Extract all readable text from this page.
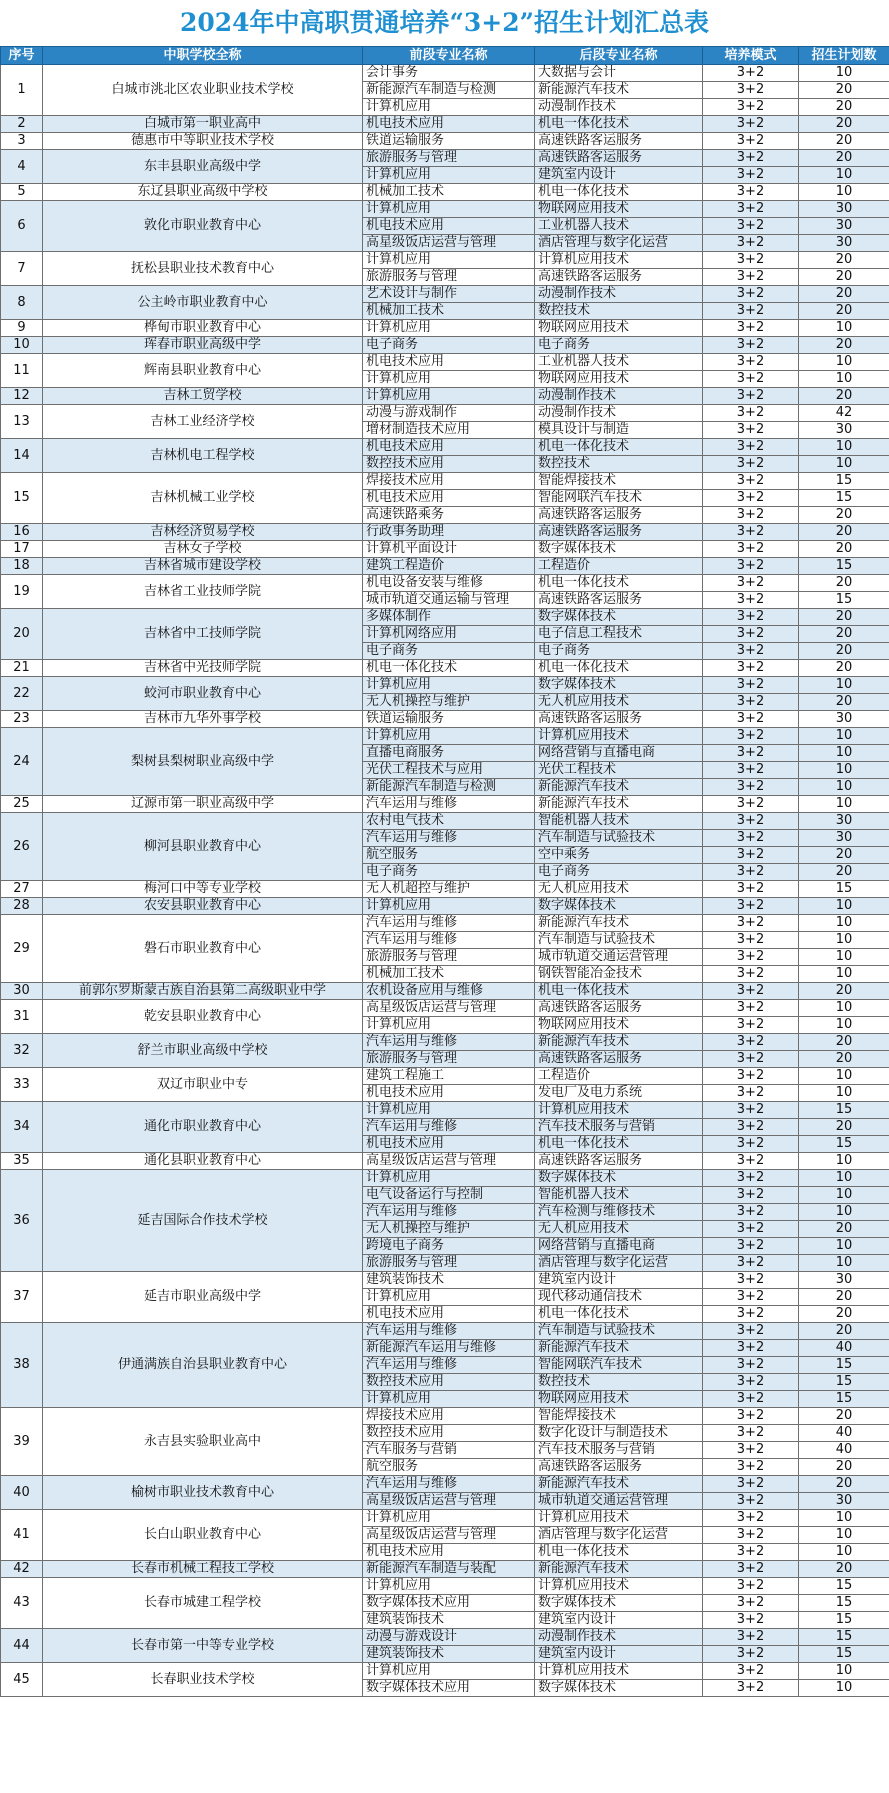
2024年中高职贯通培养“3+2”招生计划汇总表
序号	中职学校全称	前段专业名称	后段专业名称	培养模式	招生计划数
1	白城市洮北区农业职业技术学校	会计事务	大数据与会计	3+2	10
		新能源汽车制造与检测	新能源汽车技术	3+2	20
		计算机应用	动漫制作技术	3+2	20
2	白城市第一职业高中	机电技术应用	机电一体化技术	3+2	20
3	德惠市中等职业技术学校	铁道运输服务	高速铁路客运服务	3+2	20
4	东丰县职业高级中学	旅游服务与管理	高速铁路客运服务	3+2	20
		计算机应用	建筑室内设计	3+2	10
5	东辽县职业高级中学校	机械加工技术	机电一体化技术	3+2	10
6	敦化市职业教育中心	计算机应用	物联网应用技术	3+2	30
		机电技术应用	工业机器人技术	3+2	30
		高星级饭店运营与管理	酒店管理与数字化运营	3+2	30
7	抚松县职业技术教育中心	计算机应用	计算机应用技术	3+2	20
		旅游服务与管理	高速铁路客运服务	3+2	20
8	公主岭市职业教育中心	艺术设计与制作	动漫制作技术	3+2	20
		机械加工技术	数控技术	3+2	20
9	桦甸市职业教育中心	计算机应用	物联网应用技术	3+2	10
10	珲春市职业高级中学	电子商务	电子商务	3+2	20
11	辉南县职业教育中心	机电技术应用	工业机器人技术	3+2	10
		计算机应用	物联网应用技术	3+2	10
12	吉林工贸学校	计算机应用	动漫制作技术	3+2	20
13	吉林工业经济学校	动漫与游戏制作	动漫制作技术	3+2	42
		增材制造技术应用	模具设计与制造	3+2	30
14	吉林机电工程学校	机电技术应用	机电一体化技术	3+2	10
		数控技术应用	数控技术	3+2	10
15	吉林机械工业学校	焊接技术应用	智能焊接技术	3+2	15
		机电技术应用	智能网联汽车技术	3+2	15
		高速铁路乘务	高速铁路客运服务	3+2	20
16	吉林经济贸易学校	行政事务助理	高速铁路客运服务	3+2	20
17	吉林女子学校	计算机平面设计	数字媒体技术	3+2	20
18	吉林省城市建设学校	建筑工程造价	工程造价	3+2	15
19	吉林省工业技师学院	机电设备安装与维修	机电一体化技术	3+2	20
		城市轨道交通运输与管理	高速铁路客运服务	3+2	15
20	吉林省中工技师学院	多媒体制作	数字媒体技术	3+2	20
		计算机网络应用	电子信息工程技术	3+2	20
		电子商务	电子商务	3+2	20
21	吉林省中光技师学院	机电一体化技术	机电一体化技术	3+2	20
22	蛟河市职业教育中心	计算机应用	数字媒体技术	3+2	10
		无人机操控与维护	无人机应用技术	3+2	20
23	吉林市九华外事学校	铁道运输服务	高速铁路客运服务	3+2	30
24	梨树县梨树职业高级中学	计算机应用	计算机应用技术	3+2	10
		直播电商服务	网络营销与直播电商	3+2	10
		光伏工程技术与应用	光伏工程技术	3+2	10
		新能源汽车制造与检测	新能源汽车技术	3+2	10
25	辽源市第一职业高级中学	汽车运用与维修	新能源汽车技术	3+2	10
26	柳河县职业教育中心	农村电气技术	智能机器人技术	3+2	30
		汽车运用与维修	汽车制造与试验技术	3+2	30
		航空服务	空中乘务	3+2	20
		电子商务	电子商务	3+2	20
27	梅河口中等专业学校	无人机超控与维护	无人机应用技术	3+2	15
28	农安县职业教育中心	计算机应用	数字媒体技术	3+2	10
29	磐石市职业教育中心	汽车运用与维修	新能源汽车技术	3+2	10
		汽车运用与维修	汽车制造与试验技术	3+2	10
		旅游服务与管理	城市轨道交通运营管理	3+2	10
		机械加工技术	钢铁智能冶金技术	3+2	10
30	前郭尔罗斯蒙古族自治县第二高级职业中学	农机设备应用与维修	机电一体化技术	3+2	20
31	乾安县职业教育中心	高星级饭店运营与管理	高速铁路客运服务	3+2	10
		计算机应用	物联网应用技术	3+2	10
32	舒兰市职业高级中学校	汽车运用与维修	新能源汽车技术	3+2	20
		旅游服务与管理	高速铁路客运服务	3+2	20
33	双辽市职业中专	建筑工程施工	工程造价	3+2	10
		机电技术应用	发电厂及电力系统	3+2	10
34	通化市职业教育中心	计算机应用	计算机应用技术	3+2	15
		汽车运用与维修	汽车技术服务与营销	3+2	20
		机电技术应用	机电一体化技术	3+2	15
35	通化县职业教育中心	高星级饭店运营与管理	高速铁路客运服务	3+2	10
36	延吉国际合作技术学校	计算机应用	数字媒体技术	3+2	10
		电气设备运行与控制	智能机器人技术	3+2	10
		汽车运用与维修	汽车检测与维修技术	3+2	10
		无人机操控与维护	无人机应用技术	3+2	20
		跨境电子商务	网络营销与直播电商	3+2	10
		旅游服务与管理	酒店管理与数字化运营	3+2	10
37	延吉市职业高级中学	建筑装饰技术	建筑室内设计	3+2	30
		计算机应用	现代移动通信技术	3+2	20
		机电技术应用	机电一体化技术	3+2	20
38	伊通满族自治县职业教育中心	汽车运用与维修	汽车制造与试验技术	3+2	20
		新能源汽车运用与维修	新能源汽车技术	3+2	40
		汽车运用与维修	智能网联汽车技术	3+2	15
		数控技术应用	数控技术	3+2	15
		计算机应用	物联网应用技术	3+2	15
39	永吉县实验职业高中	焊接技术应用	智能焊接技术	3+2	20
		数控技术应用	数字化设计与制造技术	3+2	40
		汽车服务与营销	汽车技术服务与营销	3+2	40
		航空服务	高速铁路客运服务	3+2	20
40	榆树市职业技术教育中心	汽车运用与维修	新能源汽车技术	3+2	20
		高星级饭店运营与管理	城市轨道交通运营管理	3+2	30
41	长白山职业教育中心	计算机应用	计算机应用技术	3+2	10
		高星级饭店运营与管理	酒店管理与数字化运营	3+2	10
		机电技术应用	机电一体化技术	3+2	10
42	长春市机械工程技工学校	新能源汽车制造与装配	新能源汽车技术	3+2	20
43	长春市城建工程学校	计算机应用	计算机应用技术	3+2	15
		数字媒体技术应用	数字媒体技术	3+2	15
		建筑装饰技术	建筑室内设计	3+2	15
44	长春市第一中等专业学校	动漫与游戏设计	动漫制作技术	3+2	15
		建筑装饰技术	建筑室内设计	3+2	15
45	长春职业技术学校	计算机应用	计算机应用技术	3+2	10
		数字媒体技术应用	数字媒体技术	3+2	10
